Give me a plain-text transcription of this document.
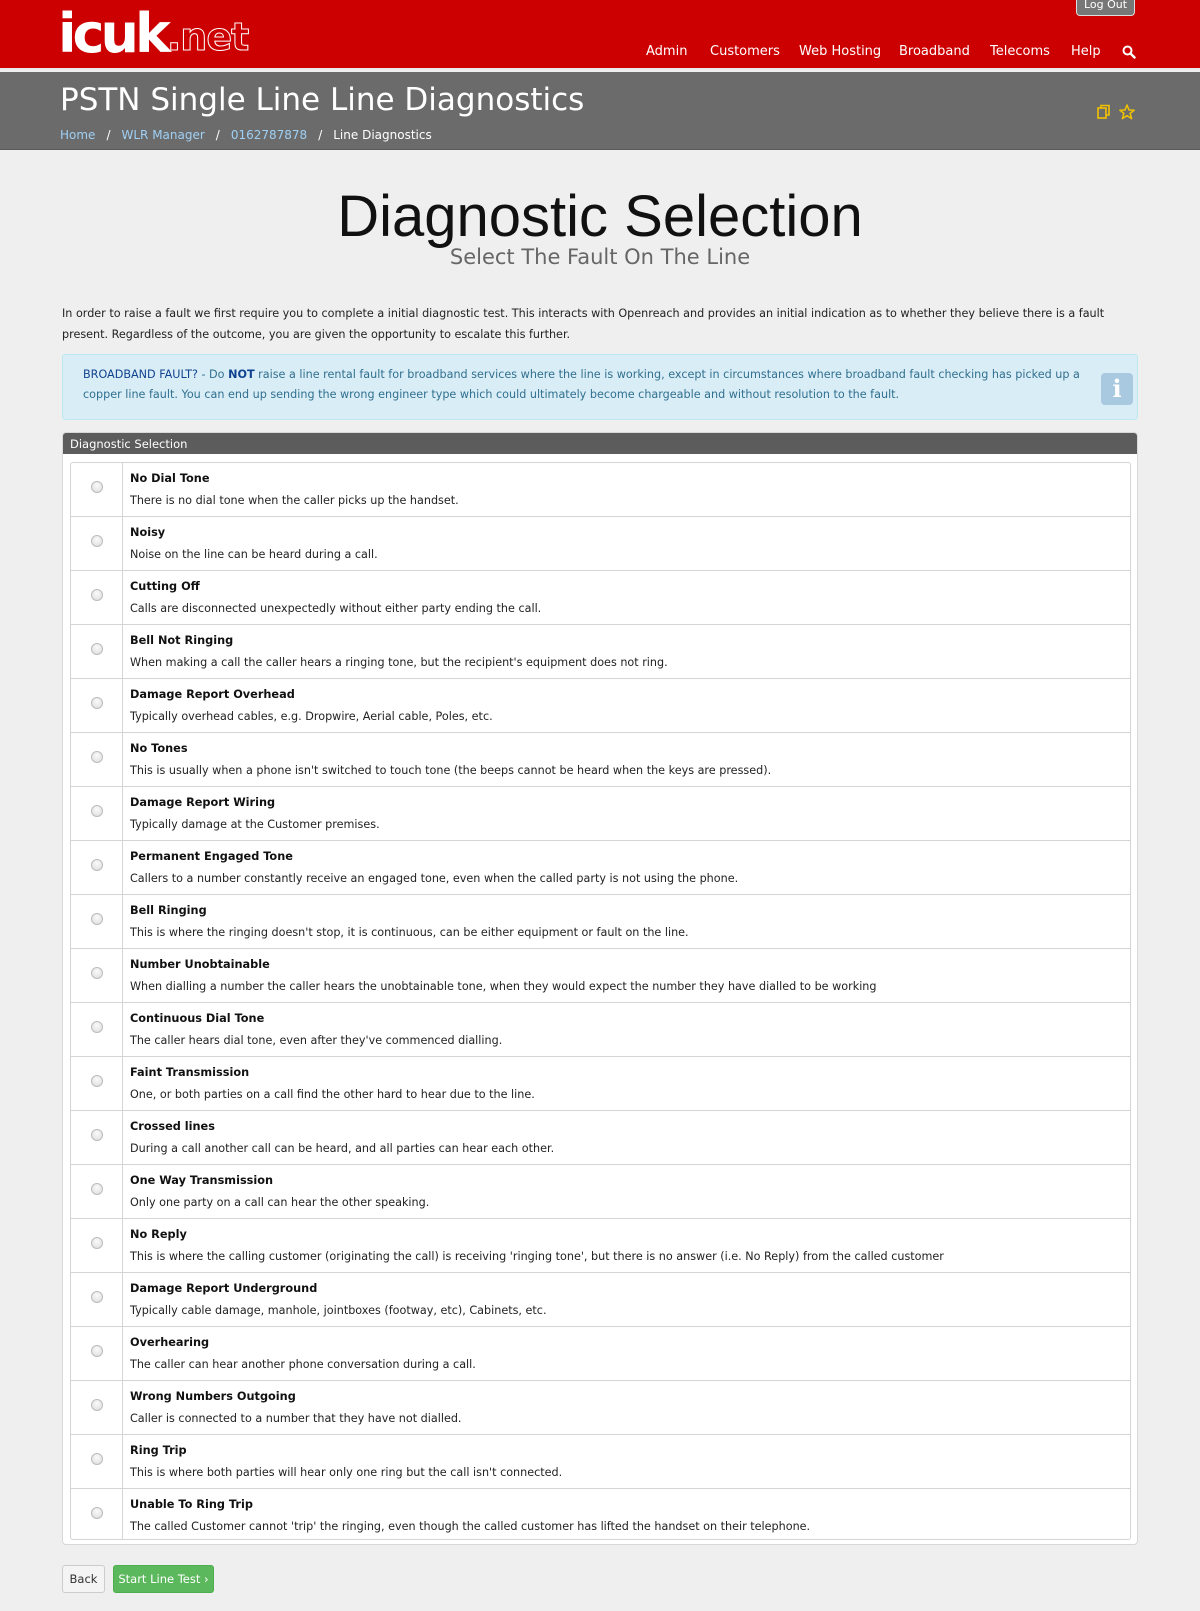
icuk.net
Log Out
Admin Customers Web Hosting Broadband Telecoms Help
PSTN Single Line Line Diagnostics
Home / WLR Manager / 0162787878 / Line Diagnostics
Diagnostic Selection
Select The Fault On The Line

In order to raise a fault we first require you to complete a initial diagnostic test. This interacts with Openreach and provides an initial indication as to whether they believe there is a fault present. Regardless of the outcome, you are given the opportunity to escalate this further.

BROADBAND FAULT? - Do NOT raise a line rental fault for broadband services where the line is working, except in circumstances where broadband fault checking has picked up a copper line fault. You can end up sending the wrong engineer type which could ultimately become chargeable and without resolution to the fault.	i
Diagnostic Selection
No Dial Tone
There is no dial tone when the caller picks up the handset.
Noisy
Noise on the line can be heard during a call.
Cutting Off
Calls are disconnected unexpectedly without either party ending the call.
Bell Not Ringing
When making a call the caller hears a ringing tone, but the recipient's equipment does not ring.
Damage Report Overhead
Typically overhead cables, e.g. Dropwire, Aerial cable, Poles, etc.
No Tones
This is usually when a phone isn't switched to touch tone (the beeps cannot be heard when the keys are pressed).
Damage Report Wiring
Typically damage at the Customer premises.
Permanent Engaged Tone
Callers to a number constantly receive an engaged tone, even when the called party is not using the phone.
Bell Ringing
This is where the ringing doesn't stop, it is continuous, can be either equipment or fault on the line.
Number Unobtainable
When dialling a number the caller hears the unobtainable tone, when they would expect the number they have dialled to be working
Continuous Dial Tone
The caller hears dial tone, even after they've commenced dialling.
Faint Transmission
One, or both parties on a call find the other hard to hear due to the line.
Crossed lines
During a call another call can be heard, and all parties can hear each other.
One Way Transmission
Only one party on a call can hear the other speaking.
No Reply
This is where the calling customer (originating the call) is receiving 'ringing tone', but there is no answer (i.e. No Reply) from the called customer
Damage Report Underground
Typically cable damage, manhole, jointboxes (footway, etc), Cabinets, etc.
Overhearing
The caller can hear another phone conversation during a call.
Wrong Numbers Outgoing
Caller is connected to a number that they have not dialled.
Ring Trip
This is where both parties will hear only one ring but the call isn't connected.
Unable To Ring Trip
The called Customer cannot 'trip' the ringing, even though the called customer has lifted the handset on their telephone.
Back	Start Line Test ›
